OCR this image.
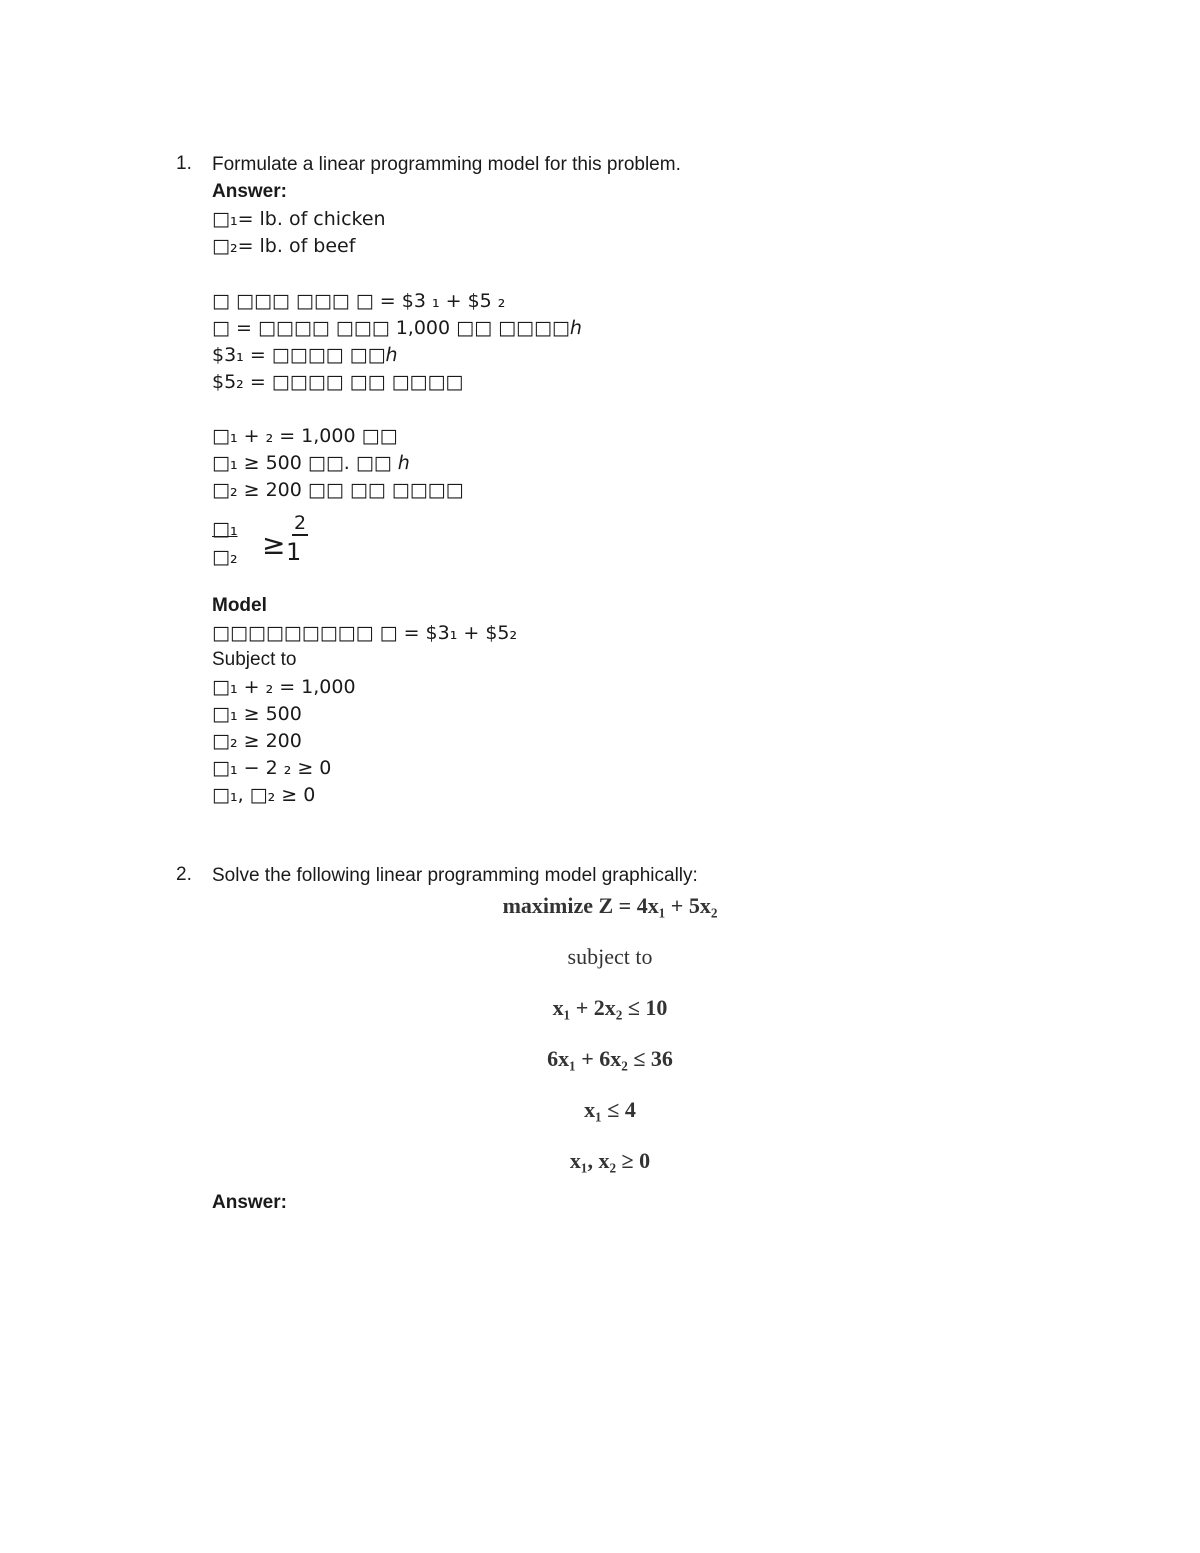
1. Formulate a linear programming model for this problem.
Answer:
□₁= lb. of chicken
□₂= lb. of beef
□ □□□ □□□ □ = $3 ₁ + $5 ₂
□ = □□□□ □□□ 1,000 □□ □□□□ℎ
$3₁ = □□□□ □□ℎ
$5₂ = □□□□ □□ □□□□
□₁ + ₂ = 1,000 □□
□₁ ≥ 500 □□. □□ ℎ
□₂ ≥ 200 □□ □□ □□□□
□₁
□₂ ≥
2
1
Model
□□□□□□□□□ □ = $3₁ + $5₂
Subject to
□₁ + ₂ = 1,000
□₁ ≥ 500
□₂ ≥ 200
□₁ − 2 ₂ ≥ 0
□₁, □₂ ≥ 0
2. Solve the following linear programming model graphically:
maximize Z = 4x₁ + 5x₂
subject to
x₁ + 2x₂ ≤ 10
6x₁ + 6x₂ ≤ 36
x₁ ≤ 4
x₁, x₂ ≥ 0
Answer:
